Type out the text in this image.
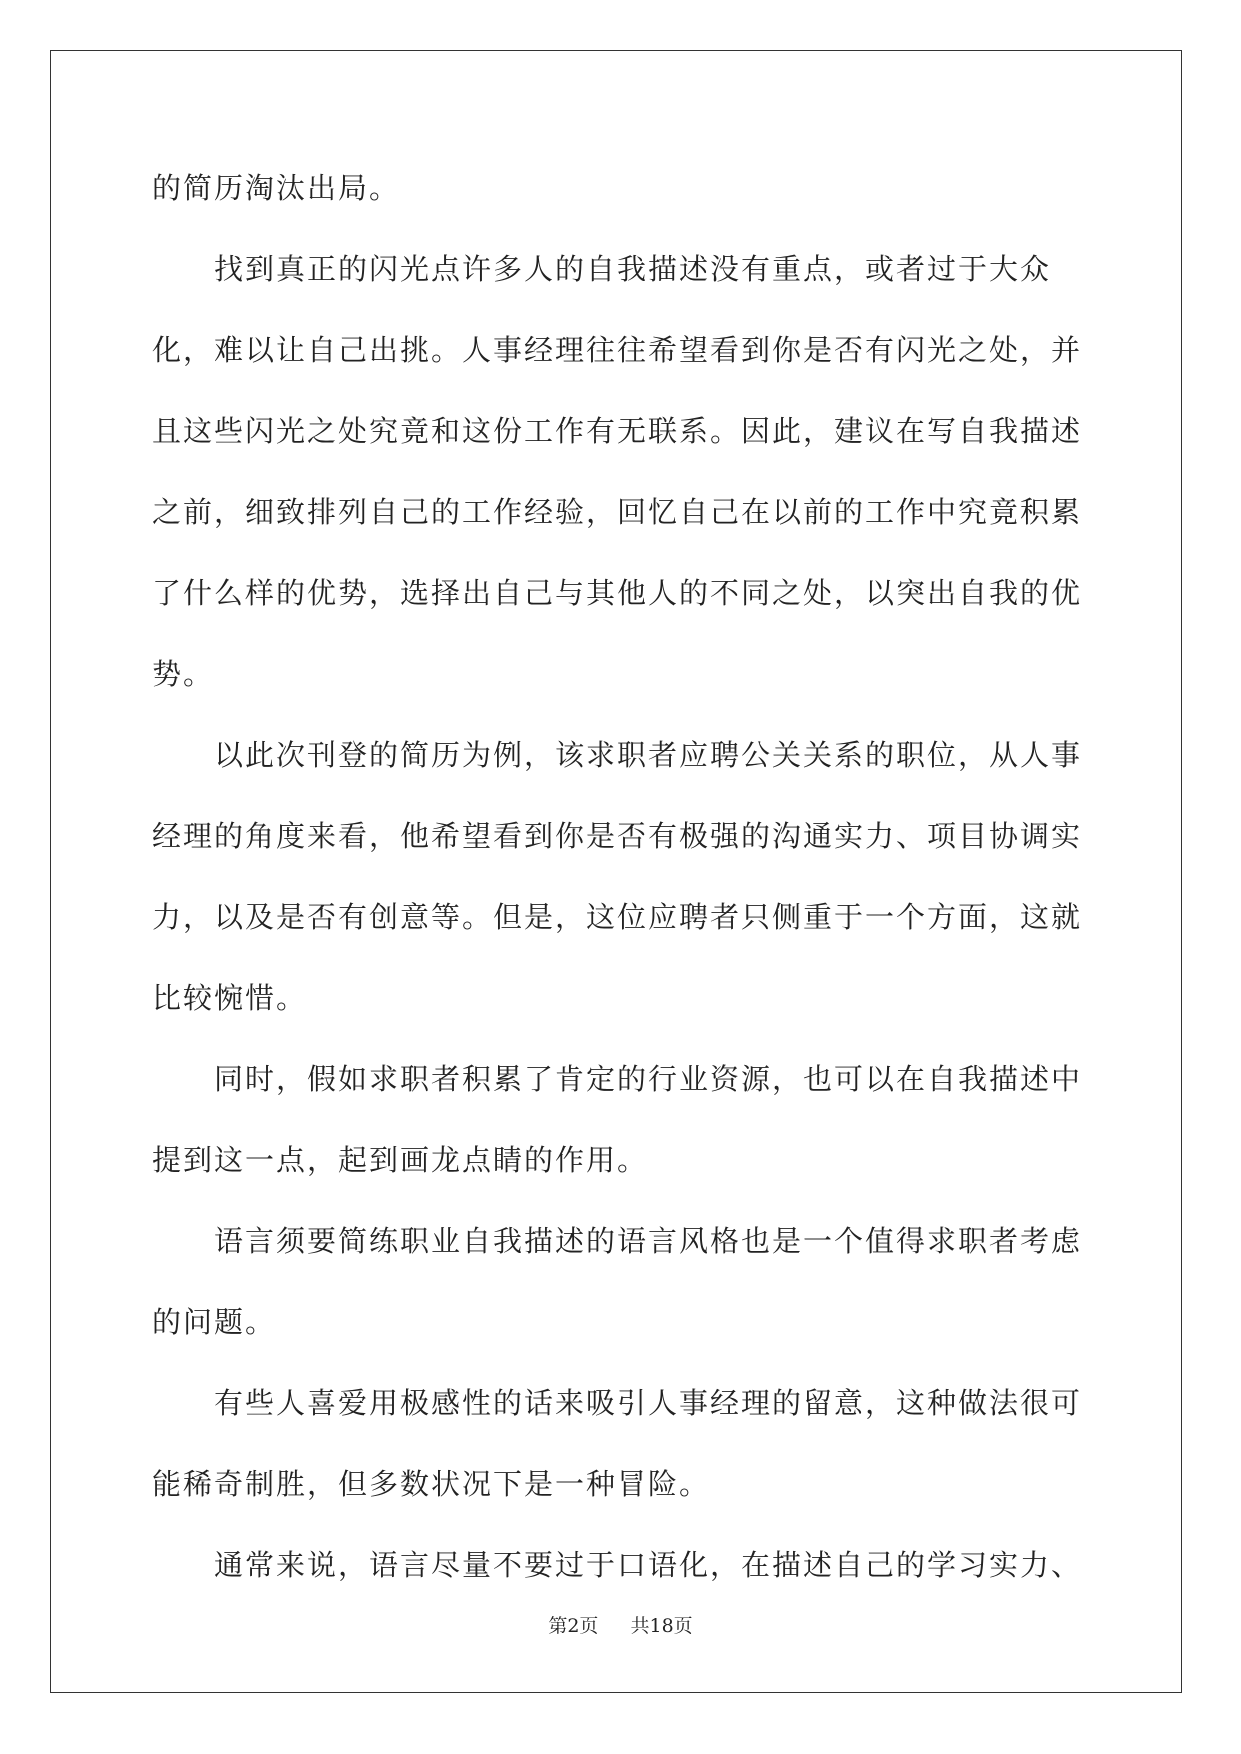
的简历淘汰出局。

找到真正的闪光点许多人的自我描述没有重点，或者过于大众化，难以让自己出挑。人事经理往往希望看到你是否有闪光之处，并且这些闪光之处究竟和这份工作有无联系。因此，建议在写自我描述之前，细致排列自己的工作经验，回忆自己在以前的工作中究竟积累了什么样的优势，选择出自己与其他人的不同之处，以突出自我的优势。

以此次刊登的简历为例，该求职者应聘公关关系的职位，从人事经理的角度来看，他希望看到你是否有极强的沟通实力、项目协调实力，以及是否有创意等。但是，这位应聘者只侧重于一个方面，这就比较惋惜。

同时，假如求职者积累了肯定的行业资源，也可以在自我描述中提到这一点，起到画龙点睛的作用。

语言须要简练职业自我描述的语言风格也是一个值得求职者考虑的问题。

有些人喜爱用极感性的话来吸引人事经理的留意，这种做法很可能稀奇制胜，但多数状况下是一种冒险。

通常来说，语言尽量不要过于口语化，在描述自己的学习实力、

第2页 共18页
